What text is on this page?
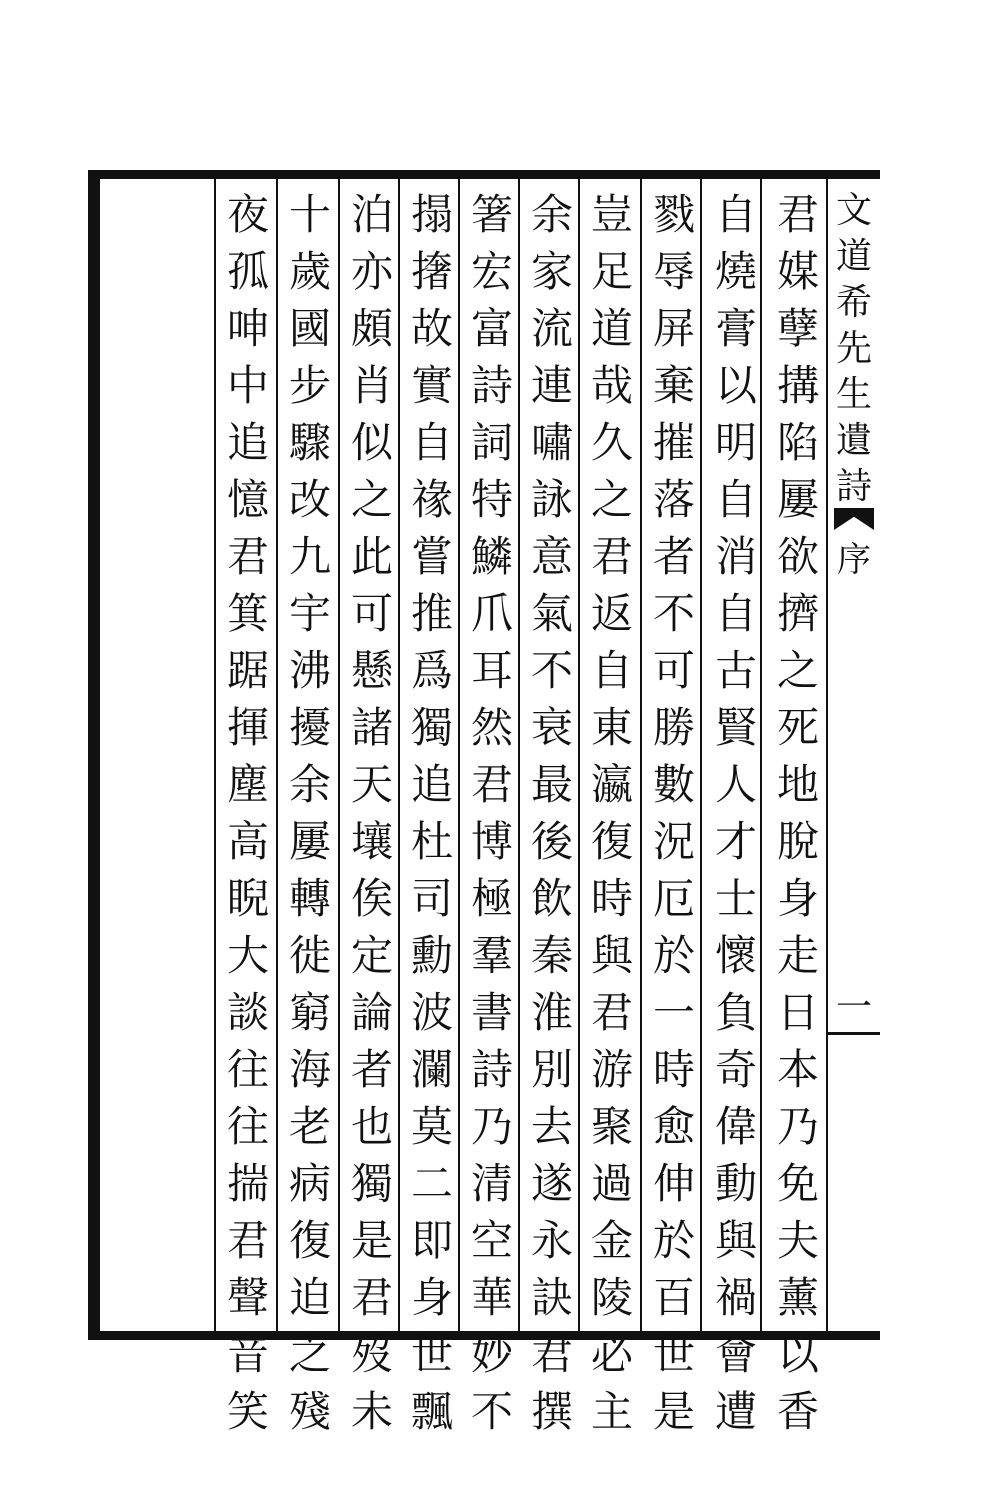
文
道
希
先
生
遺
詩
序
一
君
媒
孽
搆
陷
屢
欲
擠
之
死
地
脫
身
走
日
本
乃
免
夫
薰
以
香
自
燒
膏
以
明
自
消
自
古
賢
人
才
士
懷
負
奇
偉
動
與
禍
會
遭
戮
辱
屏
棄
摧
落
者
不
可
勝
數
況
厄
於
一
時
愈
伸
於
百
世
是
豈
足
道
哉
久
之
君
返
自
東
瀛
復
時
與
君
游
聚
過
金
陵
必
主
余
家
流
連
嘯
詠
意
氣
不
衰
最
後
飲
秦
淮
別
去
遂
永
訣
君
撰
箸
宏
富
詩
詞
特
鱗
爪
耳
然
君
博
極
羣
書
詩
乃
清
空
華
妙
不
搨
撦
故
實
自
禒
嘗
推
爲
獨
追
杜
司
勳
波
瀾
莫
二
即
身
世
飄
泊
亦
頗
肖
似
之
此
可
懸
諸
天
壤
俟
定
論
者
也
獨
是
君
歿
未
十
歲
國
步
驟
改
九
宇
沸
擾
余
屢
轉
徙
窮
海
老
病
復
迫
之
殘
夜
孤
呻
中
追
憶
君
箕
踞
揮
塵
高
睨
大
談
往
往
揣
君
聲
音
笑
